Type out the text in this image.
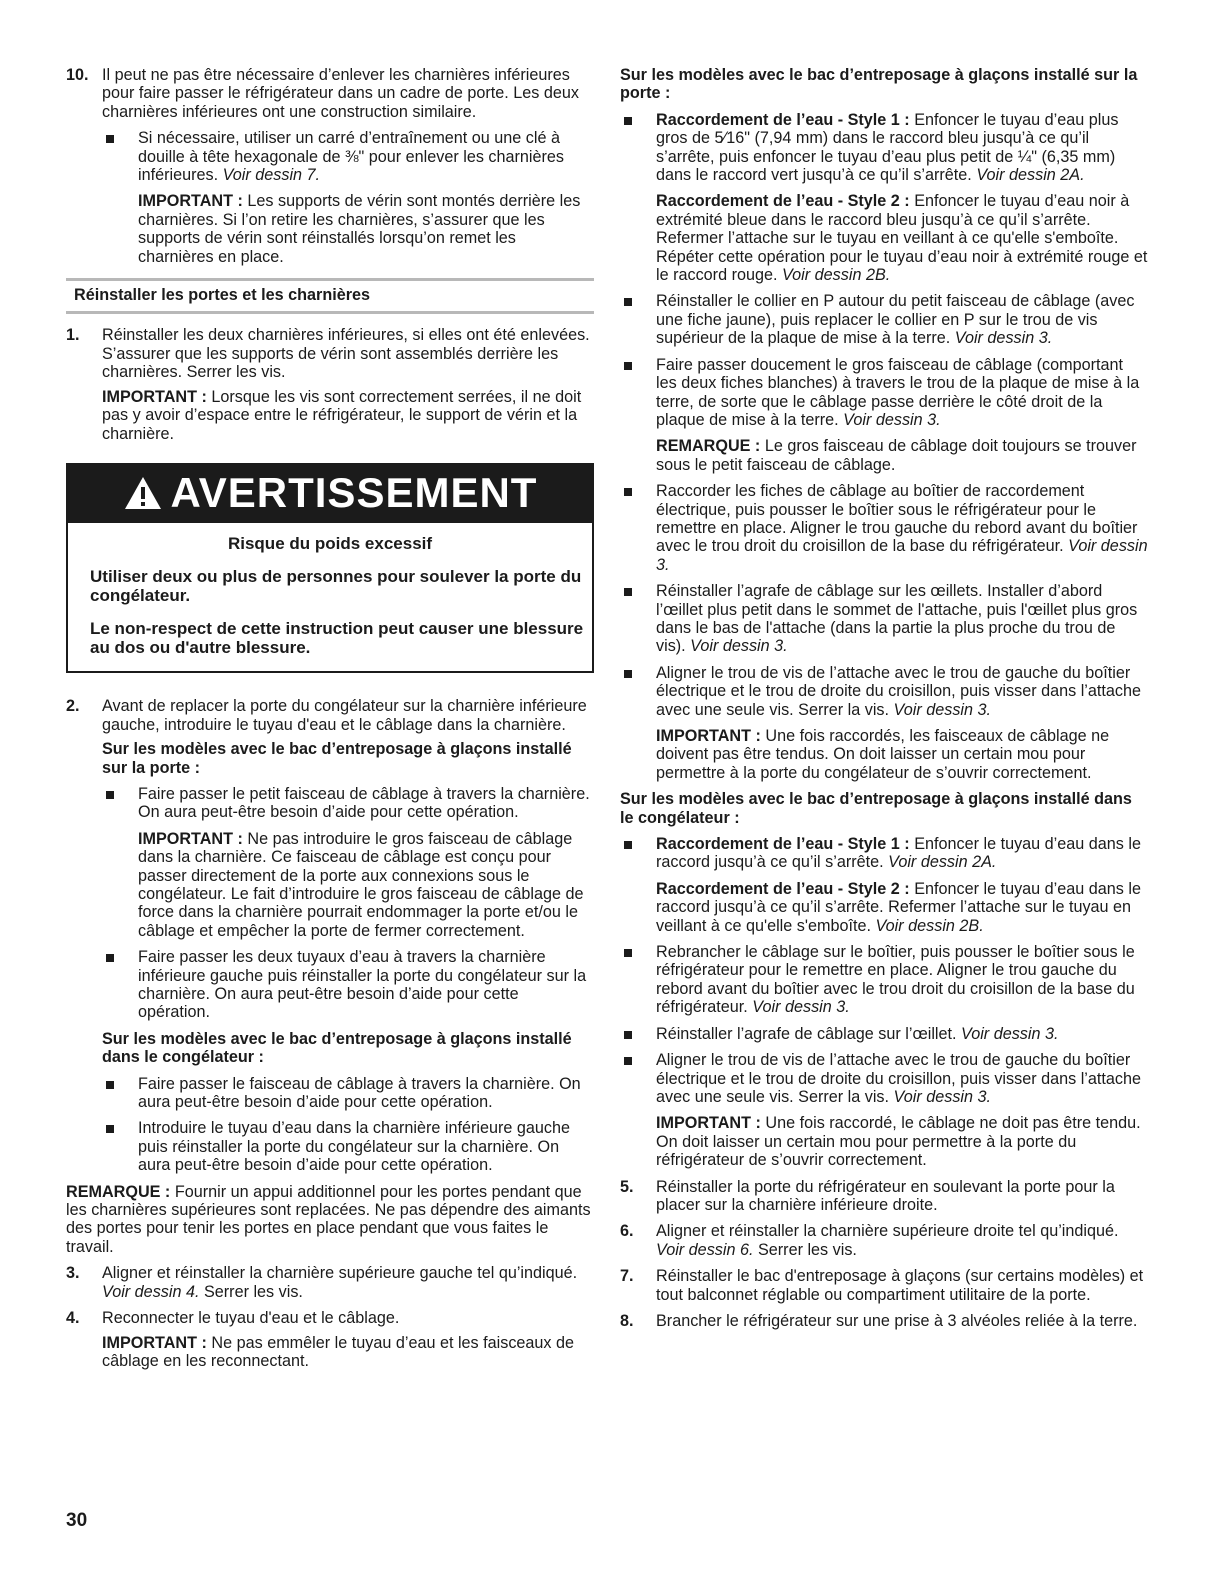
10. Il peut ne pas être nécessaire d’enlever les charnières inférieures pour faire passer le réfrigérateur dans un cadre de porte. Les deux charnières inférieures ont une construction similaire.

Si nécessaire, utiliser un carré d’entraînement ou une clé à douille à tête hexagonale de ⅜" pour enlever les charnières inférieures. Voir dessin 7.

IMPORTANT : Les supports de vérin sont montés derrière les charnières. Si l’on retire les charnières, s’assurer que les supports de vérin sont réinstallés lorsqu’on remet les charnières en place.

Réinstaller les portes et les charnières
1. Réinstaller les deux charnières inférieures, si elles ont été enlevées. S’assurer que les supports de vérin sont assemblés derrière les charnières. Serrer les vis.

IMPORTANT : Lorsque les vis sont correctement serrées, il ne doit pas y avoir d’espace entre le réfrigérateur, le support de vérin et la charnière.

AVERTISSEMENT

Risque du poids excessif

Utiliser deux ou plus de personnes pour soulever la porte du congélateur.

Le non-respect de cette instruction peut causer une blessure au dos ou d'autre blessure.

2. Avant de replacer la porte du congélateur sur la charnière inférieure gauche, introduire le tuyau d'eau et le câblage dans la charnière.

Sur les modèles avec le bac d’entreposage à glaçons installé sur la porte :

Faire passer le petit faisceau de câblage à travers la charnière. On aura peut-être besoin d’aide pour cette opération.

IMPORTANT : Ne pas introduire le gros faisceau de câblage dans la charnière. Ce faisceau de câblage est conçu pour passer directement de la porte aux connexions sous le congélateur. Le fait d’introduire le gros faisceau de câblage de force dans la charnière pourrait endommager la porte et/ou le câblage et empêcher la porte de fermer correctement.

Faire passer les deux tuyaux d’eau à travers la charnière inférieure gauche puis réinstaller la porte du congélateur sur la charnière. On aura peut-être besoin d’aide pour cette opération.

Sur les modèles avec le bac d’entreposage à glaçons installé dans le congélateur :

Faire passer le faisceau de câblage à travers la charnière. On aura peut-être besoin d’aide pour cette opération.

Introduire le tuyau d’eau dans la charnière inférieure gauche puis réinstaller la porte du congélateur sur la charnière. On aura peut-être besoin d’aide pour cette opération.

REMARQUE : Fournir un appui additionnel pour les portes pendant que les charnières supérieures sont replacées. Ne pas dépendre des aimants des portes pour tenir les portes en place pendant que vous faites le travail.

3. Aligner et réinstaller la charnière supérieure gauche tel qu’indiqué. Voir dessin 4. Serrer les vis.

4. Reconnecter le tuyau d'eau et le câblage.

IMPORTANT : Ne pas emmêler le tuyau d’eau et les faisceaux de câblage en les reconnectant.

Sur les modèles avec le bac d’entreposage à glaçons installé sur la porte :

Raccordement de l’eau - Style 1 : Enfoncer le tuyau d’eau plus gros de 5⁄16" (7,94 mm) dans le raccord bleu jusqu’à ce qu’il s’arrête, puis enfoncer le tuyau d’eau plus petit de ¼" (6,35 mm) dans le raccord vert jusqu’à ce qu’il s’arrête. Voir dessin 2A.

Raccordement de l’eau - Style 2 : Enfoncer le tuyau d’eau noir à extrémité bleue dans le raccord bleu jusqu’à ce qu’il s’arrête. Refermer l’attache sur le tuyau en veillant à ce qu'elle s'emboîte. Répéter cette opération pour le tuyau d’eau noir à extrémité rouge et le raccord rouge. Voir dessin 2B.

Réinstaller le collier en P autour du petit faisceau de câblage (avec une fiche jaune), puis replacer le collier en P sur le trou de vis supérieur de la plaque de mise à la terre. Voir dessin 3.

Faire passer doucement le gros faisceau de câblage (comportant les deux fiches blanches) à travers le trou de la plaque de mise à la terre, de sorte que le câblage passe derrière le côté droit de la plaque de mise à la terre. Voir dessin 3.

REMARQUE : Le gros faisceau de câblage doit toujours se trouver sous le petit faisceau de câblage.

Raccorder les fiches de câblage au boîtier de raccordement électrique, puis pousser le boîtier sous le réfrigérateur pour le remettre en place. Aligner le trou gauche du rebord avant du boîtier avec le trou droit du croisillon de la base du réfrigérateur. Voir dessin 3.

Réinstaller l’agrafe de câblage sur les œillets. Installer d’abord l’œillet plus petit dans le sommet de l'attache, puis l'œillet plus gros dans le bas de l'attache (dans la partie la plus proche du trou de vis). Voir dessin 3.

Aligner le trou de vis de l’attache avec le trou de gauche du boîtier électrique et le trou de droite du croisillon, puis visser dans l’attache avec une seule vis. Serrer la vis. Voir dessin 3.

IMPORTANT : Une fois raccordés, les faisceaux de câblage ne doivent pas être tendus. On doit laisser un certain mou pour permettre à la porte du congélateur de s’ouvrir correctement.

Sur les modèles avec le bac d’entreposage à glaçons installé dans le congélateur :

Raccordement de l’eau - Style 1 : Enfoncer le tuyau d’eau dans le raccord jusqu’à ce qu’il s’arrête. Voir dessin 2A.

Raccordement de l’eau - Style 2 : Enfoncer le tuyau d’eau dans le raccord jusqu’à ce qu’il s’arrête. Refermer l’attache sur le tuyau en veillant à ce qu'elle s'emboîte. Voir dessin 2B.

Rebrancher le câblage sur le boîtier, puis pousser le boîtier sous le réfrigérateur pour le remettre en place. Aligner le trou gauche du rebord avant du boîtier avec le trou droit du croisillon de la base du réfrigérateur. Voir dessin 3.

Réinstaller l’agrafe de câblage sur l’œillet. Voir dessin 3.

Aligner le trou de vis de l’attache avec le trou de gauche du boîtier électrique et le trou de droite du croisillon, puis visser dans l’attache avec une seule vis. Serrer la vis. Voir dessin 3.

IMPORTANT : Une fois raccordé, le câblage ne doit pas être tendu. On doit laisser un certain mou pour permettre à la porte du réfrigérateur de s’ouvrir correctement.

5. Réinstaller la porte du réfrigérateur en soulevant la porte pour la placer sur la charnière inférieure droite.

6. Aligner et réinstaller la charnière supérieure droite tel qu’indiqué. Voir dessin 6. Serrer les vis.

7. Réinstaller le bac d'entreposage à glaçons (sur certains modèles) et tout balconnet réglable ou compartiment utilitaire de la porte.

8. Brancher le réfrigérateur sur une prise à 3 alvéoles reliée à la terre.

30
